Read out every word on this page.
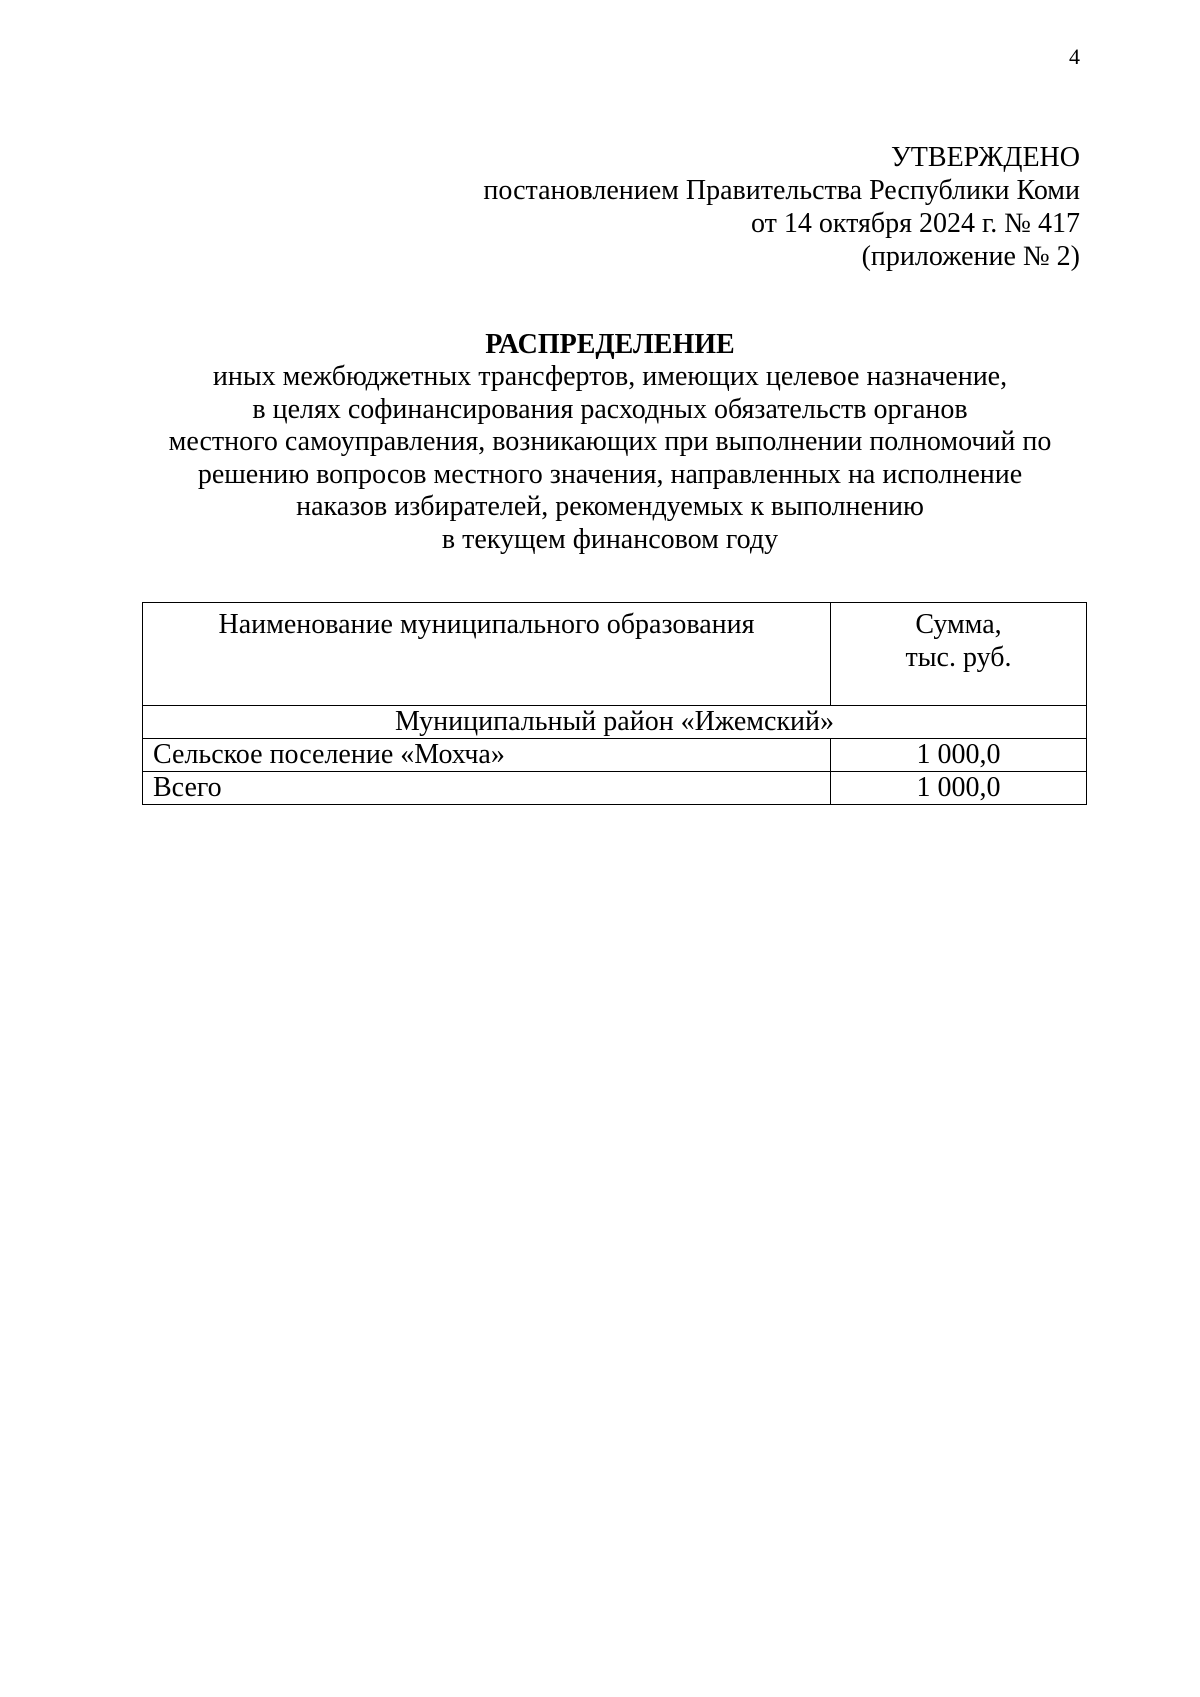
4
УТВЕРЖДЕНО
постановлением Правительства Республики Коми
от 14 октября 2024 г. № 417
(приложение № 2)
РАСПРЕДЕЛЕНИЕ
иных межбюджетных трансфертов, имеющих целевое назначение,
в целях софинансирования расходных обязательств органов
местного самоуправления, возникающих при выполнении полномочий по
решению вопросов местного значения, направленных на исполнение
наказов избирателей, рекомендуемых к выполнению
в текущем финансовом году
Наименование муниципального образования	Сумма,
тыс. руб.

Муниципальный район «Ижемский»	
Сельское поселение «Мохча»	1 000,0
Всего	1 000,0
